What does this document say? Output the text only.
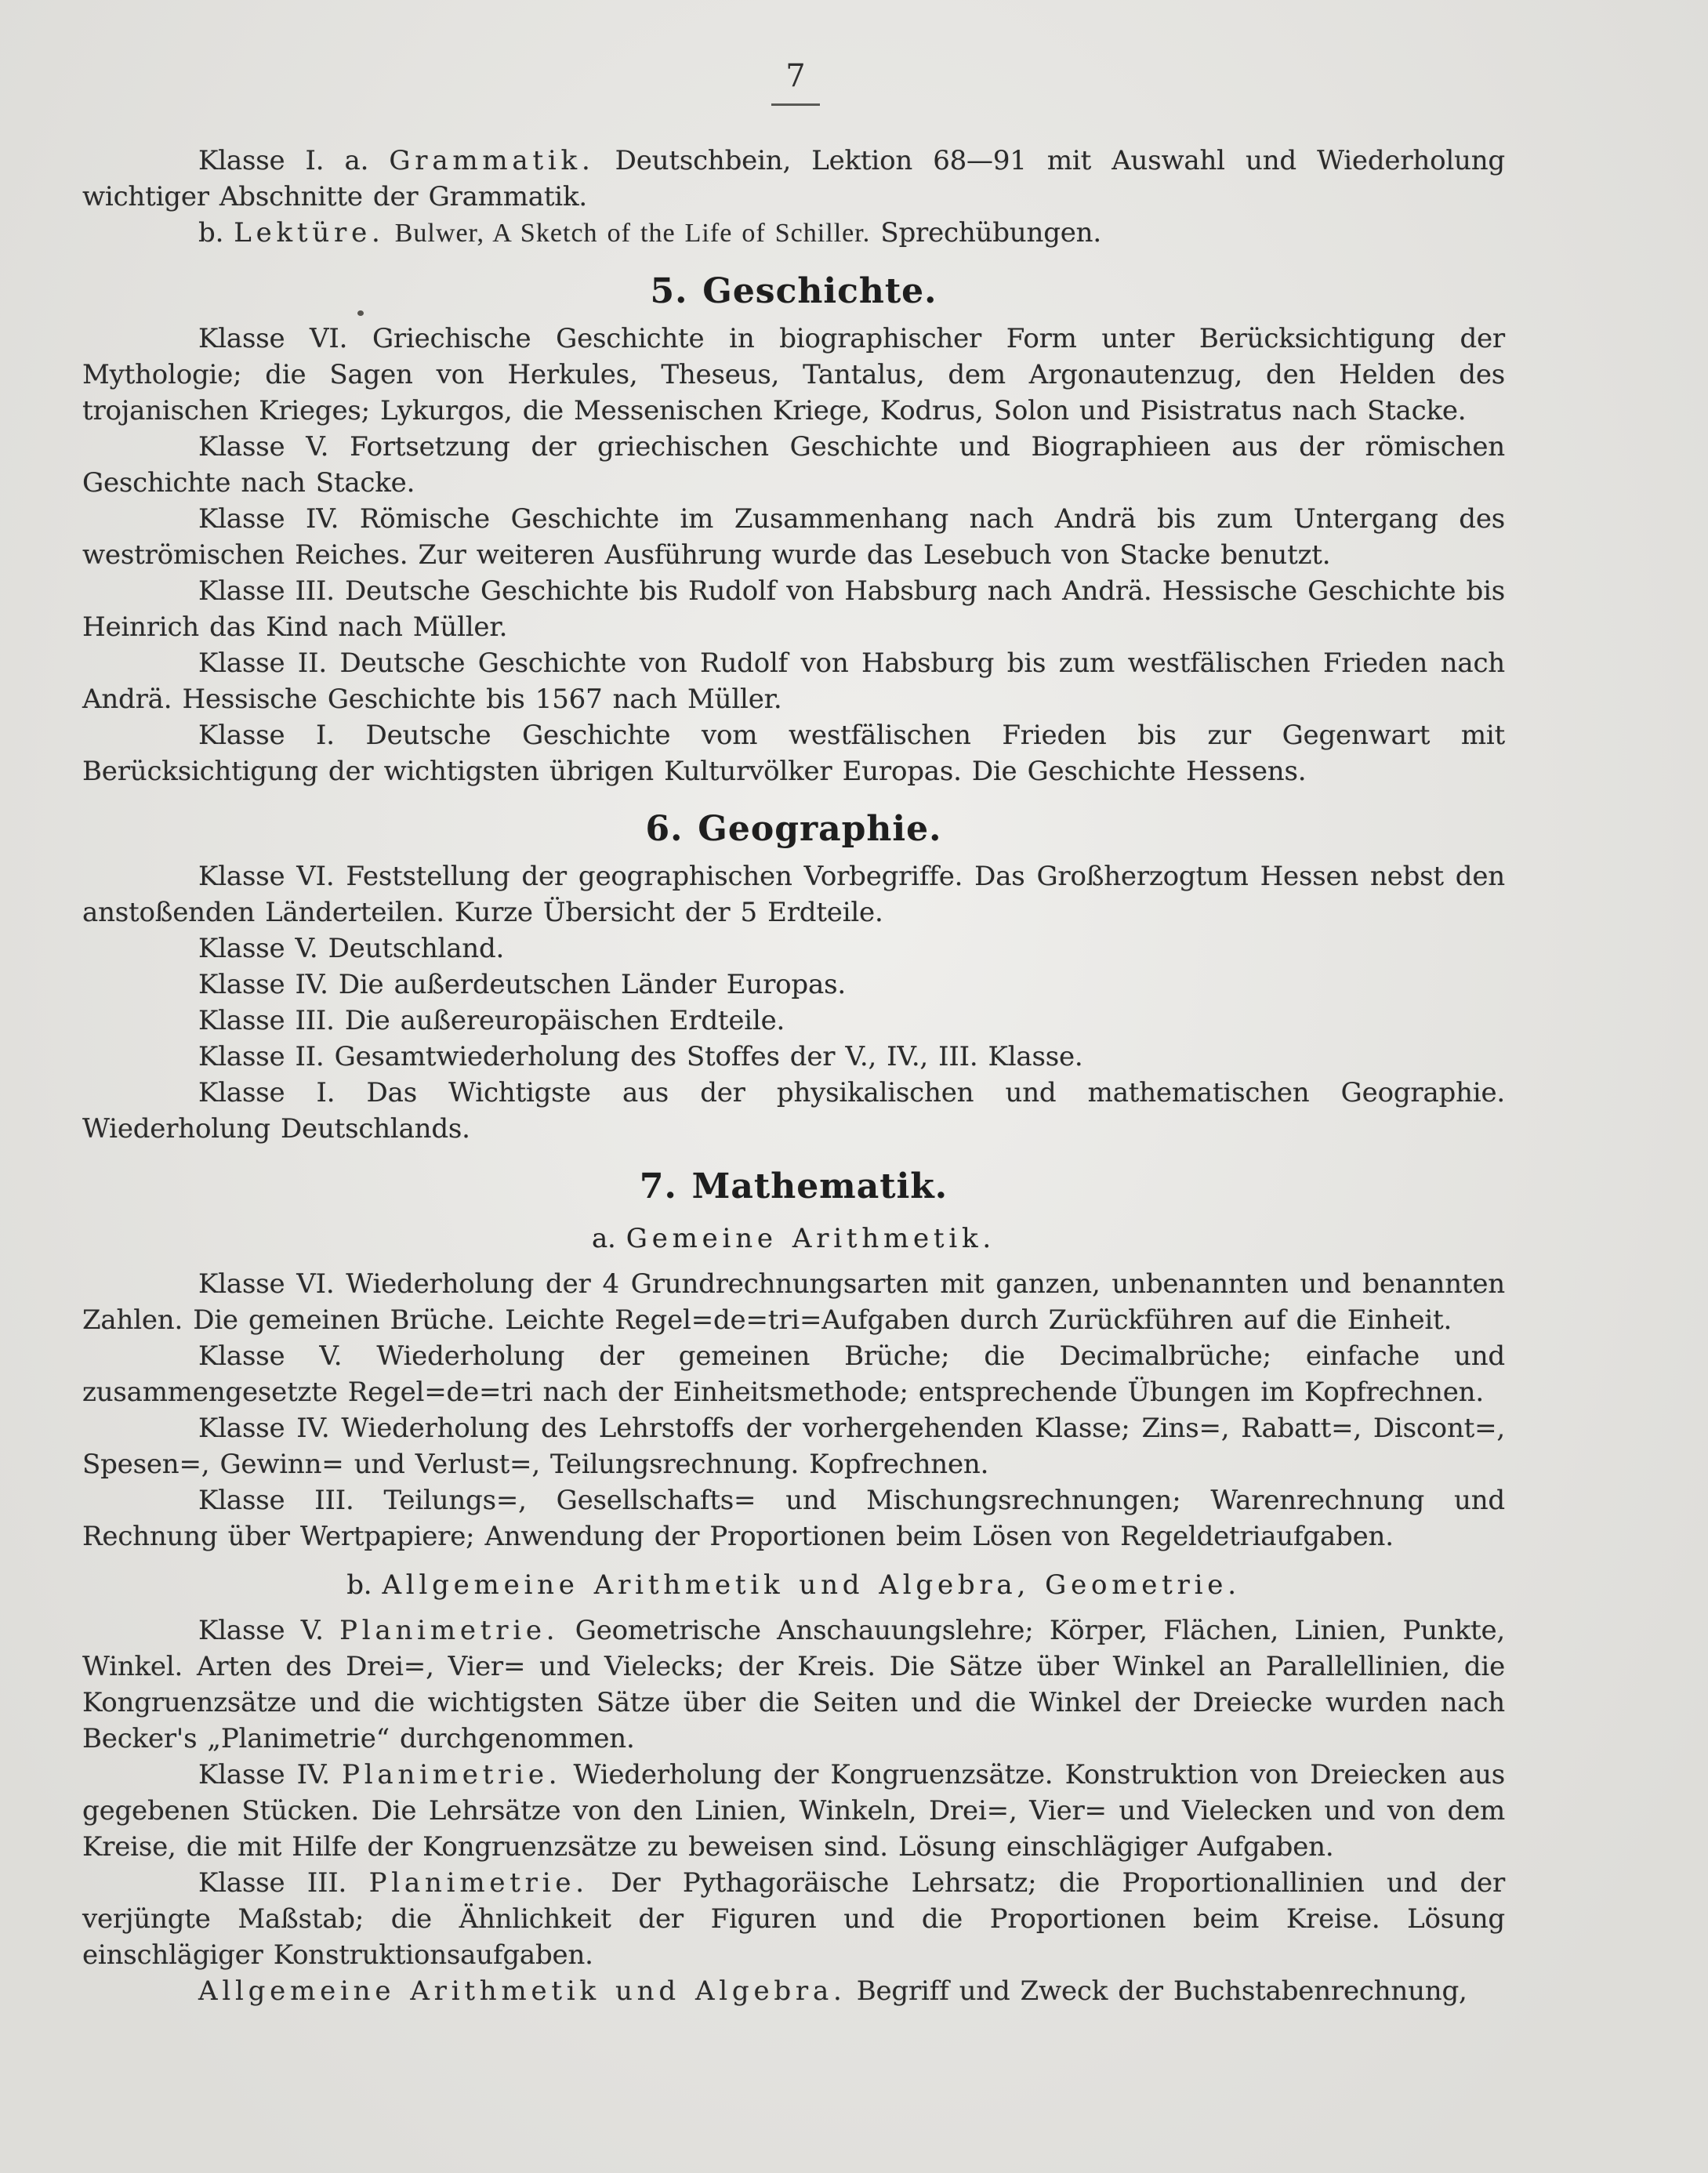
7

Klasse I. a. Grammatik. Deutschbein, Lektion 68—91 mit Auswahl und Wiederholung wichtiger Abschnitte der Grammatik.

b. Lektüre. Bulwer, A Sketch of the Life of Schiller. Sprechübungen.

5. Geschichte.

Klasse VI. Griechische Geschichte in biographischer Form unter Berücksichtigung der Mythologie; die Sagen von Herkules, Theseus, Tantalus, dem Argonautenzug, den Helden des trojanischen Krieges; Lykurgos, die Messenischen Kriege, Kodrus, Solon und Pisistratus nach Stacke.

Klasse V. Fortsetzung der griechischen Geschichte und Biographieen aus der römischen Geschichte nach Stacke.

Klasse IV. Römische Geschichte im Zusammenhang nach Andrä bis zum Untergang des weströmischen Reiches. Zur weiteren Ausführung wurde das Lesebuch von Stacke benutzt.

Klasse III. Deutsche Geschichte bis Rudolf von Habsburg nach Andrä. Hessische Geschichte bis Heinrich das Kind nach Müller.

Klasse II. Deutsche Geschichte von Rudolf von Habsburg bis zum westfälischen Frieden nach Andrä. Hessische Geschichte bis 1567 nach Müller.

Klasse I. Deutsche Geschichte vom westfälischen Frieden bis zur Gegenwart mit Berücksichtigung der wichtigsten übrigen Kulturvölker Europas. Die Geschichte Hessens.

6. Geographie.

Klasse VI. Feststellung der geographischen Vorbegriffe. Das Großherzogtum Hessen nebst den anstoßenden Länderteilen. Kurze Übersicht der 5 Erdteile.

Klasse V. Deutschland.

Klasse IV. Die außerdeutschen Länder Europas.

Klasse III. Die außereuropäischen Erdteile.

Klasse II. Gesamtwiederholung des Stoffes der V., IV., III. Klasse.

Klasse I. Das Wichtigste aus der physikalischen und mathematischen Geographie. Wiederholung Deutschlands.

7. Mathematik.
a. Gemeine Arithmetik.

Klasse VI. Wiederholung der 4 Grundrechnungsarten mit ganzen, unbenannten und benannten Zahlen. Die gemeinen Brüche. Leichte Regel=de=tri=Aufgaben durch Zurückführen auf die Einheit.

Klasse V. Wiederholung der gemeinen Brüche; die Decimalbrüche; einfache und zusammengesetzte Regel=de=tri nach der Einheitsmethode; entsprechende Übungen im Kopfrechnen.

Klasse IV. Wiederholung des Lehrstoffs der vorhergehenden Klasse; Zins=, Rabatt=, Discont=, Spesen=, Gewinn= und Verlust=, Teilungsrechnung. Kopfrechnen.

Klasse III. Teilungs=, Gesellschafts= und Mischungsrechnungen; Warenrechnung und Rechnung über Wertpapiere; Anwendung der Proportionen beim Lösen von Regeldetriaufgaben.

b. Allgemeine Arithmetik und Algebra, Geometrie.

Klasse V. Planimetrie. Geometrische Anschauungslehre; Körper, Flächen, Linien, Punkte, Winkel. Arten des Drei=, Vier= und Vielecks; der Kreis. Die Sätze über Winkel an Parallellinien, die Kongruenzsätze und die wichtigsten Sätze über die Seiten und die Winkel der Dreiecke wurden nach Becker's „Planimetrie“ durchgenommen.

Klasse IV. Planimetrie. Wiederholung der Kongruenzsätze. Konstruktion von Dreiecken aus gegebenen Stücken. Die Lehrsätze von den Linien, Winkeln, Drei=, Vier= und Vielecken und von dem Kreise, die mit Hilfe der Kongruenzsätze zu beweisen sind. Lösung einschlägiger Aufgaben.

Klasse III. Planimetrie. Der Pythagoräische Lehrsatz; die Proportionallinien und der verjüngte Maßstab; die Ähnlichkeit der Figuren und die Proportionen beim Kreise. Lösung einschlägiger Konstruktionsaufgaben.

Allgemeine Arithmetik und Algebra. Begriff und Zweck der Buchstabenrechnung,
